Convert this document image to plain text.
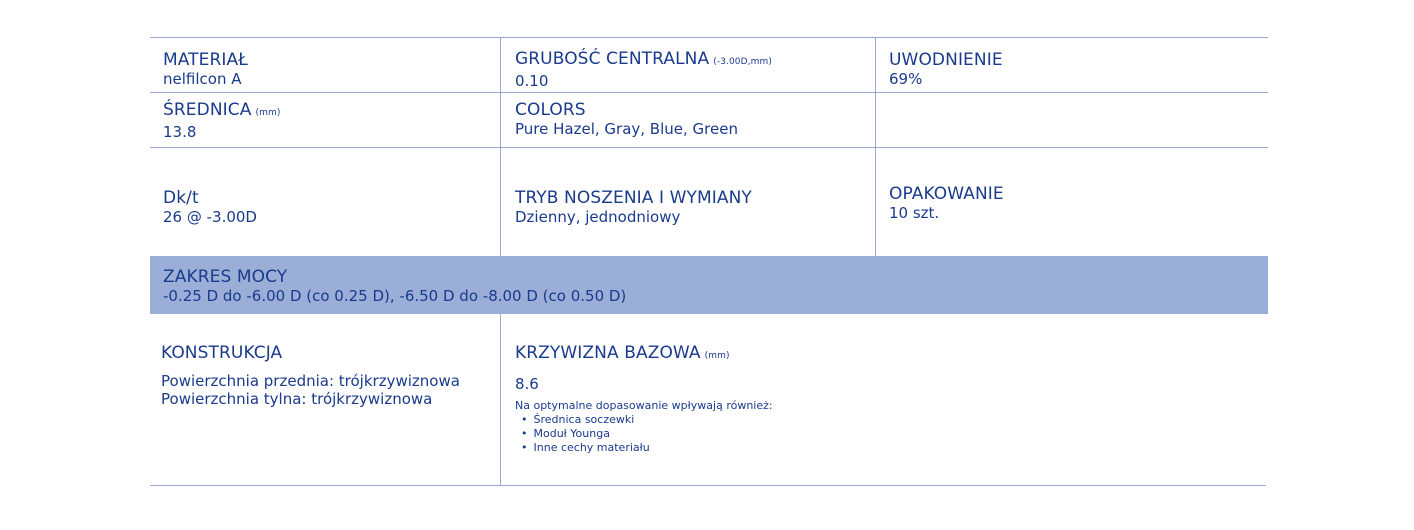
MATERIAŁ
nelfilcon A
GRUBOŚĆ CENTRALNA (-3.00D,mm)
0.10
UWODNIENIE
69%
ŚREDNICA (mm)
13.8
COLORS
Pure Hazel, Gray, Blue, Green
Dk/t
26 @ -3.00D
TRYB NOSZENIA I WYMIANY
Dzienny, jednodniowy
OPAKOWANIE
10 szt.
ZAKRES MOCY
-0.25 D do -6.00 D (co 0.25 D), -6.50 D do -8.00 D (co 0.50 D)
KONSTRUKCJA
Powierzchnia przednia: trójkrzywiznowa
Powierzchnia tylna: trójkrzywiznowa
KRZYWIZNA BAZOWA (mm)
8.6
Na optymalne dopasowanie wpływają również:
• Średnica soczewki
• Moduł Younga
• Inne cechy materiału
